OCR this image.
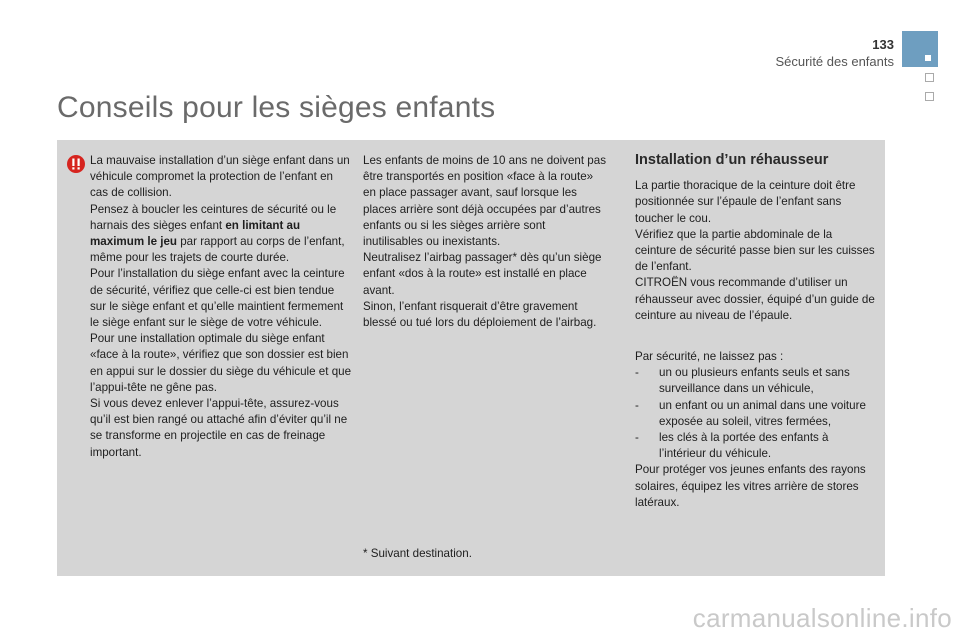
133
Sécurité des enfants
Conseils pour les sièges enfants

La mauvaise installation d’un siège enfant dans un véhicule compromet la protection de l’enfant en cas de collision.

Pensez à boucler les ceintures de sécurité ou le harnais des sièges enfant en limitant au maximum le jeu par rapport au corps de l’enfant, même pour les trajets de courte durée.

Pour l’installation du siège enfant avec la ceinture de sécurité, vérifiez que celle-ci est bien tendue sur le siège enfant et qu’elle maintient fermement le siège enfant sur le siège de votre véhicule.

Pour une installation optimale du siège enfant «face à la route», vérifiez que son dossier est bien en appui sur le dossier du siège du véhicule et que l’appui-tête ne gêne pas.

Si vous devez enlever l’appui-tête, assurez-vous qu’il est bien rangé ou attaché afin d’éviter qu’il ne se transforme en projectile en cas de freinage important.

Les enfants de moins de 10 ans ne doivent pas être transportés en position «face à la route» en place passager avant, sauf lorsque les places arrière sont déjà occupées par d’autres enfants ou si les sièges arrière sont inutilisables ou inexistants.

Neutralisez l’airbag passager* dès qu’un siège enfant «dos à la route» est installé en place avant.

Sinon, l’enfant risquerait d’être gravement blessé ou tué lors du déploiement de l’airbag.

* Suivant destination.
Installation d’un réhausseur

La partie thoracique de la ceinture doit être positionnée sur l’épaule de l’enfant sans toucher le cou.

Vérifiez que la partie abdominale de la ceinture de sécurité passe bien sur les cuisses de l’enfant.

CITROËN vous recommande d’utiliser un réhausseur avec dossier, équipé d’un guide de ceinture au niveau de l’épaule.

Par sécurité, ne laissez pas :

-	un ou plusieurs enfants seuls et sans surveillance dans un véhicule,
-	un enfant ou un animal dans une voiture exposée au soleil, vitres fermées,
-	les clés à la portée des enfants à l’intérieur du véhicule.

Pour protéger vos jeunes enfants des rayons solaires, équipez les vitres arrière de stores latéraux.

carmanualsonline.info
